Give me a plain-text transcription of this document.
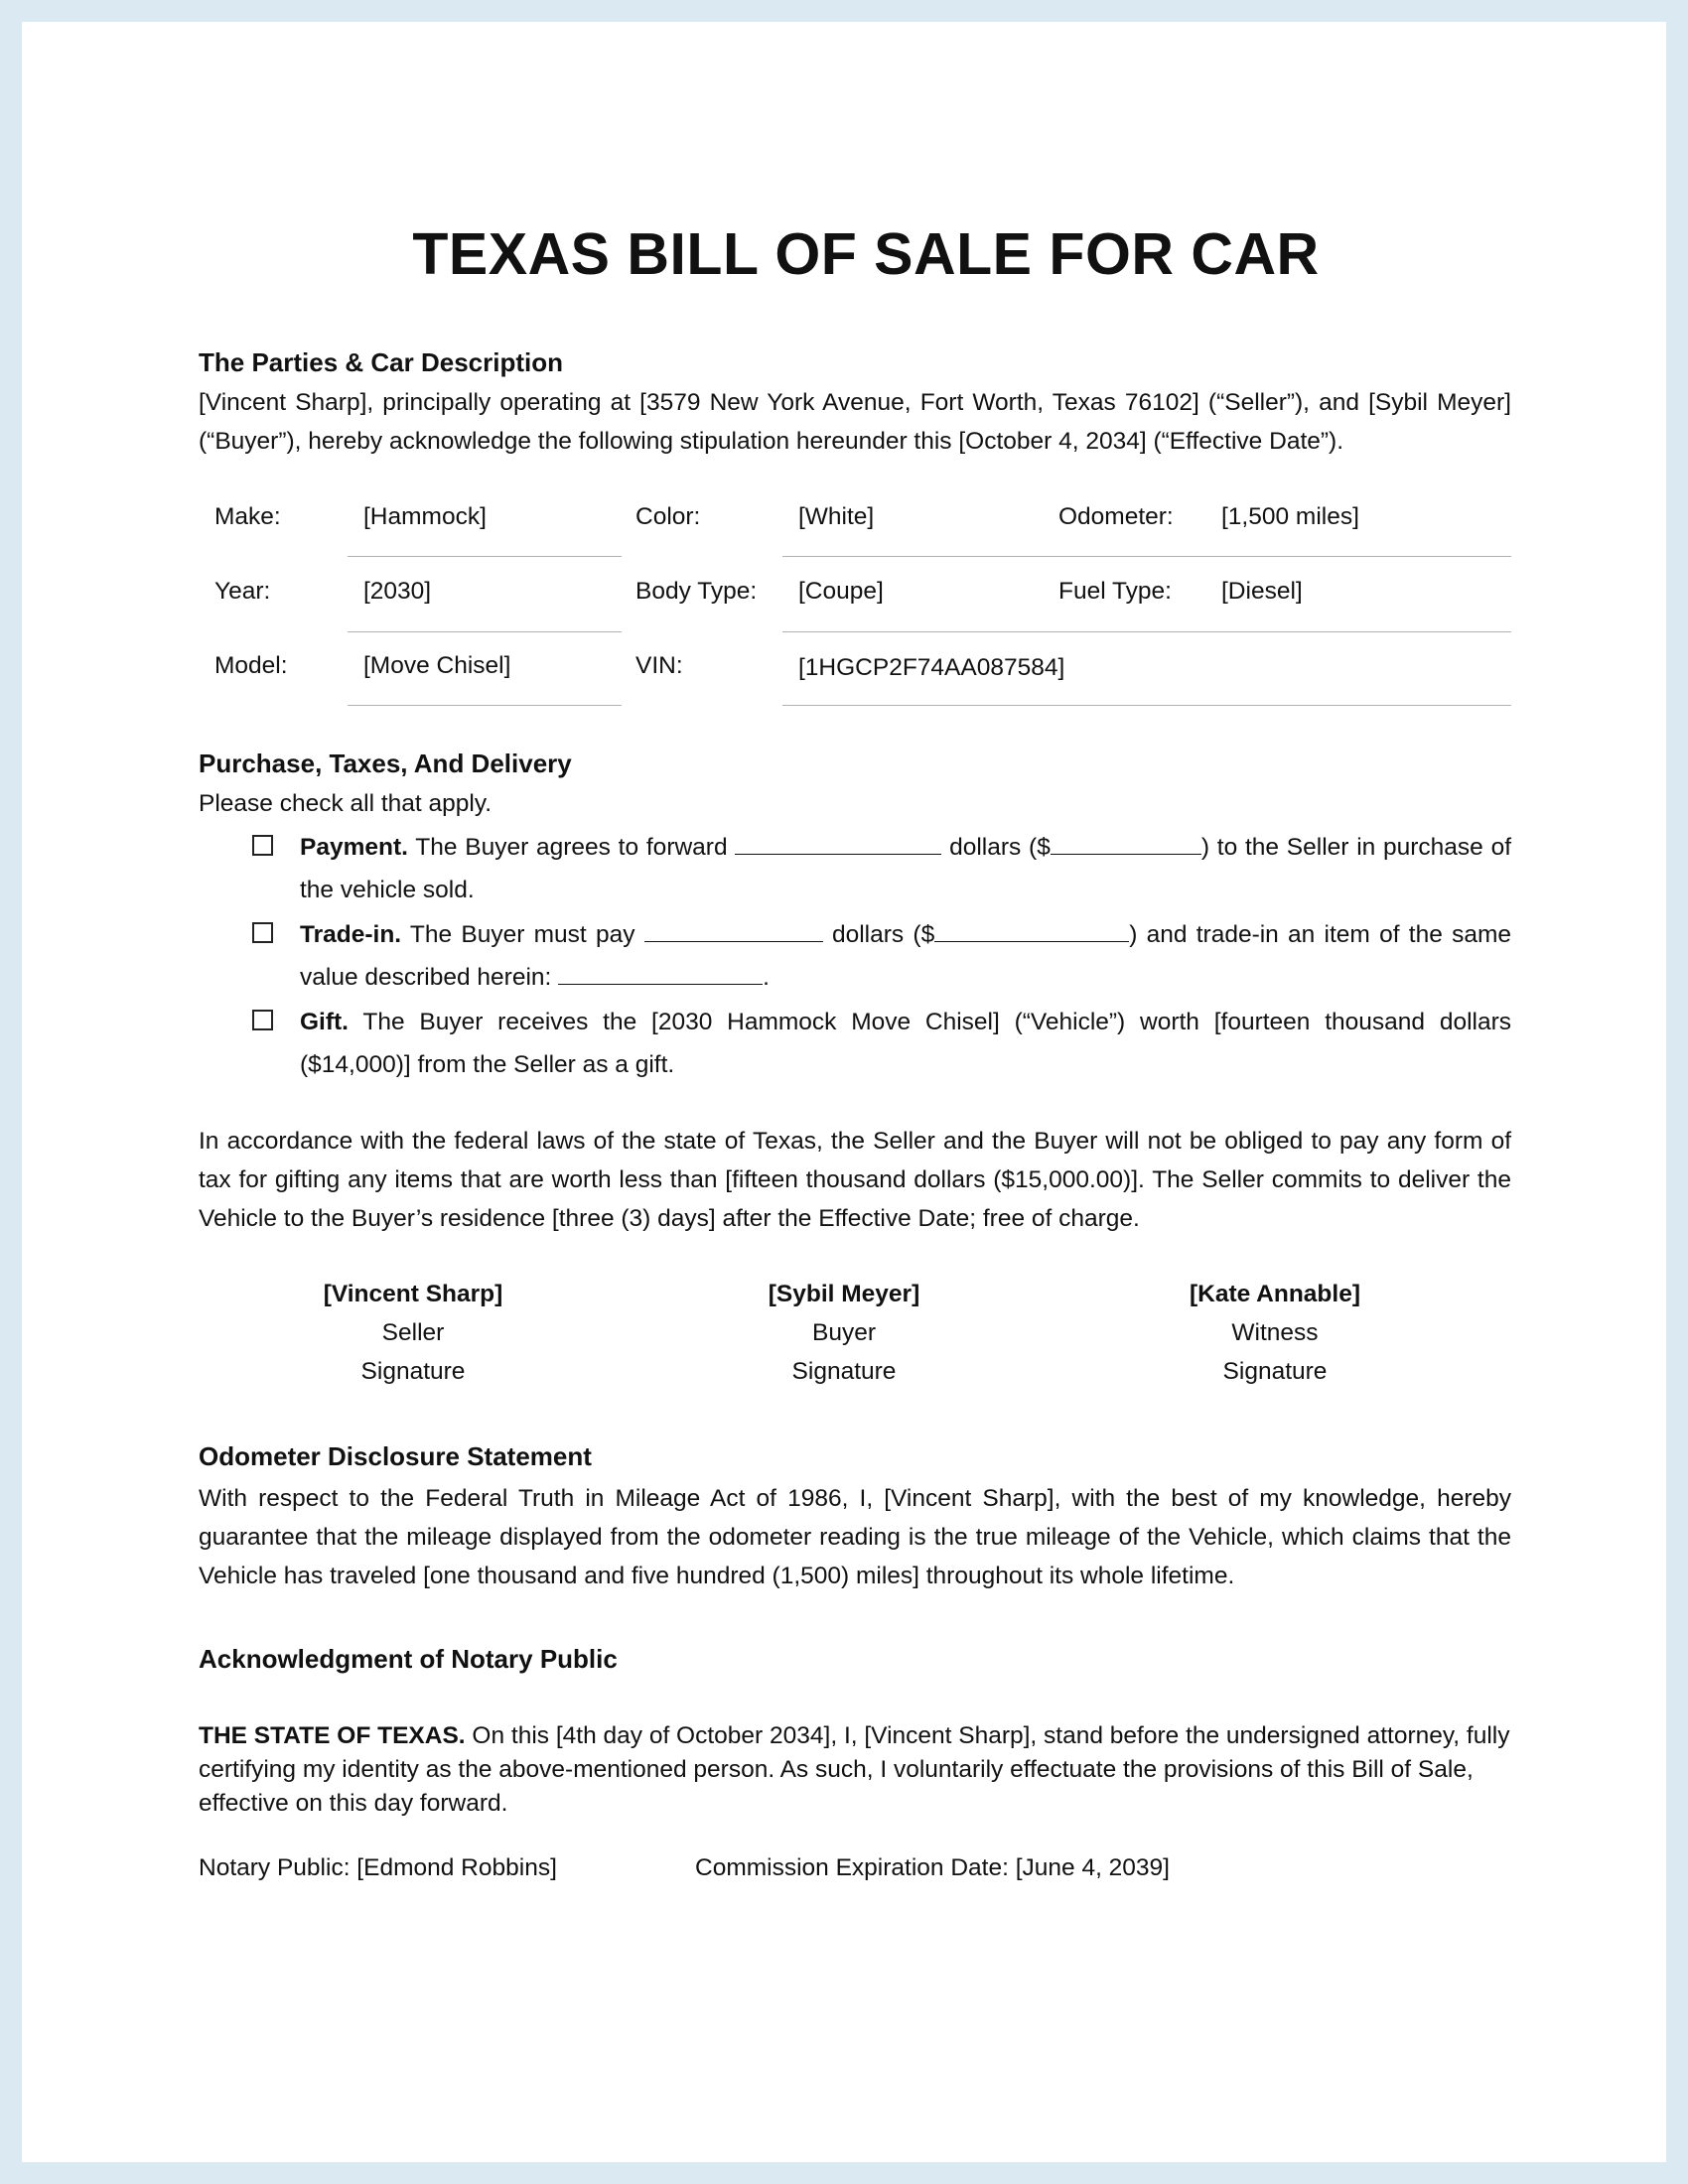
TEXAS BILL OF SALE FOR CAR
The Parties & Car Description

[Vincent Sharp], principally operating at [3579 New York Avenue, Fort Worth, Texas 76102] (“Seller”), and [Sybil Meyer] (“Buyer”), hereby acknowledge the following stipulation hereunder this [October 4, 2034] (“Effective Date”).

Make:	[Hammock]	Color:	[White]	Odometer: [1,500 miles]
Year:	[2030]	Body Type: [Coupe]	Fuel Type: [Diesel]
Model:	[Move Chisel]	VIN:	[1HGCP2F74AA087584]
Purchase, Taxes, And Delivery
Please check all that apply.
Payment. The Buyer agrees to forward	dollars ($	) to the Seller in purchase of the vehicle sold.
Trade-in. The Buyer must pay	dollars ($	) and trade-in an item of the same value described herein:	.
Gift. The Buyer receives the [2030 Hammock Move Chisel] (“Vehicle”) worth [fourteen thousand dollars ($14,000)] from the Seller as a gift.

In accordance with the federal laws of the state of Texas, the Seller and the Buyer will not be obliged to pay any form of tax for gifting any items that are worth less than [fifteen thousand dollars ($15,000.00)]. The Seller commits to deliver the Vehicle to the Buyer’s residence [three (3) days] after the Effective Date; free of charge.

[Vincent Sharp]
Seller
Signature
[Sybil Meyer]
Buyer
Signature
[Kate Annable]
Witness
Signature
Odometer Disclosure Statement

With respect to the Federal Truth in Mileage Act of 1986, I, [Vincent Sharp], with the best of my knowledge, hereby guarantee that the mileage displayed from the odometer reading is the true mileage of the Vehicle, which claims that the Vehicle has traveled [one thousand and five hundred (1,500) miles] throughout its whole lifetime.

Acknowledgment of Notary Public

THE STATE OF TEXAS. On this [4th day of October 2034], I, [Vincent Sharp], stand before the undersigned attorney, fully certifying my identity as the above-mentioned person. As such, I voluntarily effectuate the provisions of this Bill of Sale, effective on this day forward.

Notary Public: [Edmond Robbins]	Commission Expiration Date: [June 4, 2039]
